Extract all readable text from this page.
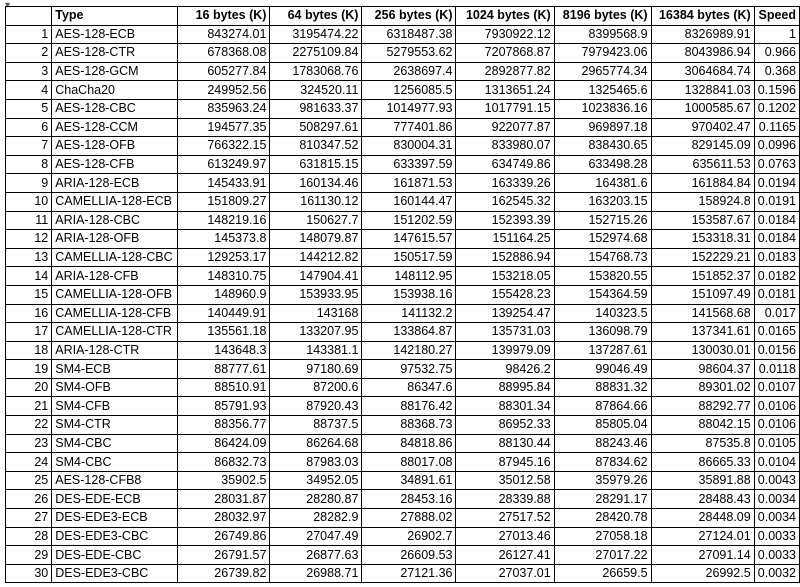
▾
	Type	16 bytes (K)	64 bytes (K)	256 bytes (K)	1024 bytes (K)	8196 bytes (K)	16384 bytes (K)	Speed
1	AES-128-ECB	843274.01	3195474.22	6318487.38	7930922.12	8399568.9	8326989.91	1
2	AES-128-CTR	678368.08	2275109.84	5279553.62	7207868.87	7979423.06	8043986.94	0.966
3	AES-128-GCM	605277.84	1783068.76	2638697.4	2892877.82	2965774.34	3064684.74	0.368
4	ChaCha20	249952.56	324520.11	1256085.5	1313651.24	1325465.6	1328841.03	0.1596
5	AES-128-CBC	835963.24	981633.37	1014977.93	1017791.15	1023836.16	1000585.67	0.1202
6	AES-128-CCM	194577.35	508297.61	777401.86	922077.87	969897.18	970402.47	0.1165
7	AES-128-OFB	766322.15	810347.52	830004.31	833980.07	838430.65	829145.09	0.0996
8	AES-128-CFB	613249.97	631815.15	633397.59	634749.86	633498.28	635611.53	0.0763
9	ARIA-128-ECB	145433.91	160134.46	161871.53	163339.26	164381.6	161884.84	0.0194
10	CAMELLIA-128-ECB	151809.27	161130.12	160144.47	162545.32	163203.15	158924.8	0.0191
11	ARIA-128-CBC	148219.16	150627.7	151202.59	152393.39	152715.26	153587.67	0.0184
12	ARIA-128-OFB	145373.8	148079.87	147615.57	151164.25	152974.68	153318.31	0.0184
13	CAMELLIA-128-CBC	129253.17	144212.82	150517.59	152886.94	154768.73	152229.21	0.0183
14	ARIA-128-CFB	148310.75	147904.41	148112.95	153218.05	153820.55	151852.37	0.0182
15	CAMELLIA-128-OFB	148960.9	153933.95	153938.16	155428.23	154364.59	151097.49	0.0181
16	CAMELLIA-128-CFB	140449.91	143168	141132.2	139254.47	140323.5	141568.68	0.017
17	CAMELLIA-128-CTR	135561.18	133207.95	133864.87	135731.03	136098.79	137341.61	0.0165
18	ARIA-128-CTR	143648.3	143381.1	142180.27	139979.09	137287.61	130030.01	0.0156
19	SM4-ECB	88777.61	97180.69	97532.75	98426.2	99046.49	98604.37	0.0118
20	SM4-OFB	88510.91	87200.6	86347.6	88995.84	88831.32	89301.02	0.0107
21	SM4-CFB	85791.93	87920.43	88176.42	88301.34	87864.66	88292.77	0.0106
22	SM4-CTR	88356.77	88737.5	88368.73	86952.33	85805.04	88042.15	0.0106
23	SM4-CBC	86424.09	86264.68	84818.86	88130.44	88243.46	87535.8	0.0105
24	SM4-CBC	86832.73	87983.03	88017.08	87945.16	87834.62	86665.33	0.0104
25	AES-128-CFB8	35902.5	34952.05	34891.61	35012.58	35979.26	35891.88	0.0043
26	DES-EDE-ECB	28031.87	28280.87	28453.16	28339.88	28291.17	28488.43	0.0034
27	DES-EDE3-ECB	28032.97	28282.9	27888.02	27517.52	28420.78	28448.09	0.0034
28	DES-EDE3-CBC	26749.86	27047.49	26902.7	27013.46	27058.18	27124.01	0.0033
29	DES-EDE-CBC	26791.57	26877.63	26609.53	26127.41	27017.22	27091.14	0.0033
30	DES-EDE3-CBC	26739.82	26988.71	27121.36	27037.01	26659.5	26992.5	0.0032
